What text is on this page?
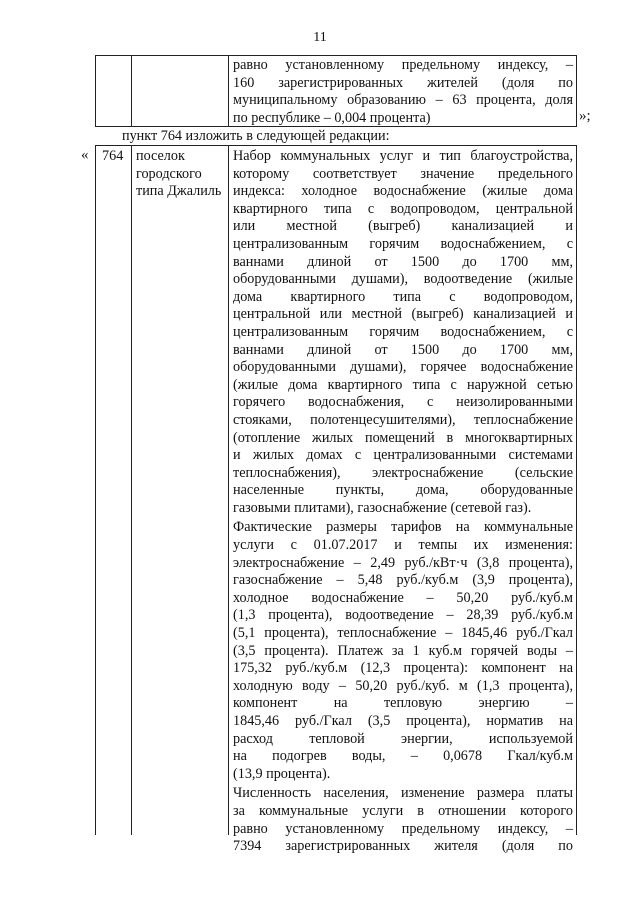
11
равно установленному предельному индексу, –
160 зарегистрированных жителей (доля по
муниципальному образованию – 63 процента, доля
по республике – 0,004 процента)	»;
пункт 764 изложить в следующей редакции:
« 764 поселок
городского
типа Джалиль
Набор коммунальных услуг и тип благоустройства,
которому соответствует значение предельного
индекса: холодное водоснабжение (жилые дома
квартирного типа с водопроводом, центральной
или местной (выгреб) канализацией и
централизованным горячим водоснабжением, с
ваннами длиной от 1500 до 1700 мм,
оборудованными душами), водоотведение (жилые
дома квартирного типа с водопроводом,
центральной или местной (выгреб) канализацией и
централизованным горячим водоснабжением, с
ваннами длиной от 1500 до 1700 мм,
оборудованными душами), горячее водоснабжение
(жилые дома квартирного типа с наружной сетью
горячего водоснабжения, с неизолированными
стояками, полотенцесушителями), теплоснабжение
(отопление жилых помещений в многоквартирных
и жилых домах с централизованными системами
теплоснабжения), электроснабжение (сельские
населенные пункты, дома, оборудованные
газовыми плитами), газоснабжение (сетевой газ).
Фактические размеры тарифов на коммунальные
услуги с 01.07.2017 и темпы их изменения:
электроснабжение – 2,49 руб./кВт·ч (3,8 процента),
газоснабжение – 5,48 руб./куб.м (3,9 процента),
холодное водоснабжение – 50,20 руб./куб.м
(1,3 процента), водоотведение – 28,39 руб./куб.м
(5,1 процента), теплоснабжение – 1845,46 руб./Гкал
(3,5 процента). Платеж за 1 куб.м горячей воды –
175,32 руб./куб.м (12,3 процента): компонент на
холодную воду – 50,20 руб./куб. м (1,3 процента),
компонент на тепловую энергию –
1845,46 руб./Гкал (3,5 процента), норматив на
расход тепловой энергии, используемой
на подогрев воды, – 0,0678 Гкал/куб.м
(13,9 процента).
Численность населения, изменение размера платы
за коммунальные услуги в отношении которого
равно установленному предельному индексу, –
7394 зарегистрированных жителя (доля по
